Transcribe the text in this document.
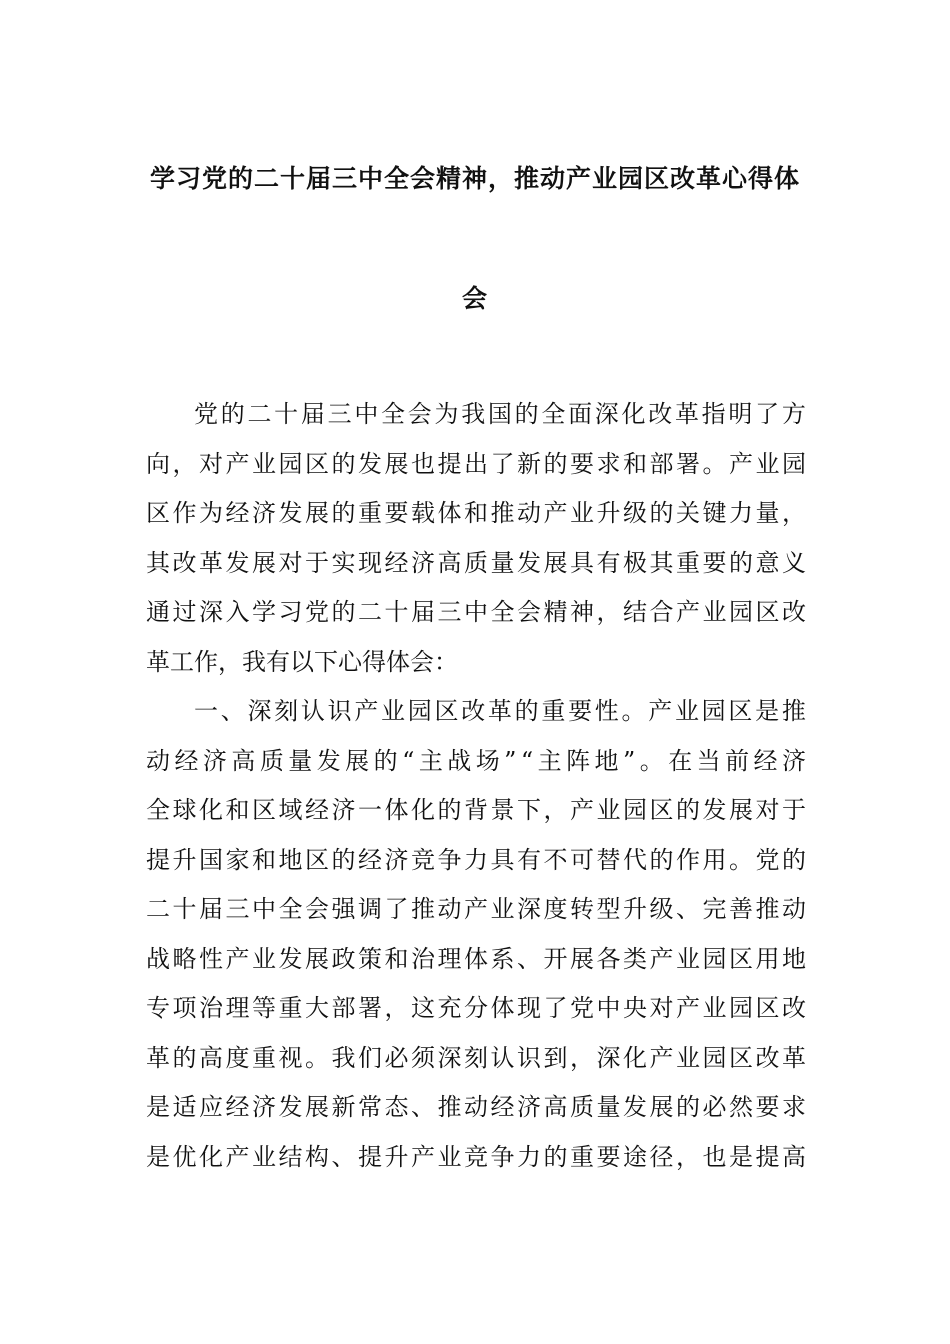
学习党的二十届三中全会精神，推动产业园区改革心得体
会
党 的 二 十 届 三 中 全 会 为 我 国 的 全 面 深 化 改 革 指 明 了 方
向 ， 对 产 业 园 区 的 发 展 也 提 出 了 新 的 要 求 和 部 署 。 产 业 园
区 作 为 经 济 发 展 的 重 要 载 体 和 推 动 产 业 升 级 的 关 键 力 量 ，
其 改 革 发 展 对 于 实 现 经 济 高 质 量 发 展 具 有 极 其 重 要 的 意 义
通 过 深 入 学 习 党 的 二 十 届 三 中 全 会 精 神 ， 结 合 产 业 园 区 改
革 工 作 ， 我 有 以 下 心 得 体 会 ：
一 、 深 刻 认 识 产 业 园 区 改 革 的 重 要 性 。 产 业 园 区 是 推
动 经 济 高 质 量 发 展 的 “ 主 战 场 ” “ 主 阵 地 ” 。 在 当 前 经 济
全 球 化 和 区 域 经 济 一 体 化 的 背 景 下 ， 产 业 园 区 的 发 展 对 于
提 升 国 家 和 地 区 的 经 济 竞 争 力 具 有 不 可 替 代 的 作 用 。 党 的
二 十 届 三 中 全 会 强 调 了 推 动 产 业 深 度 转 型 升 级 、 完 善 推 动
战 略 性 产 业 发 展 政 策 和 治 理 体 系 、 开 展 各 类 产 业 园 区 用 地
专 项 治 理 等 重 大 部 署 ， 这 充 分 体 现 了 党 中 央 对 产 业 园 区 改
革 的 高 度 重 视 。 我 们 必 须 深 刻 认 识 到 ， 深 化 产 业 园 区 改 革
是 适 应 经 济 发 展 新 常 态 、 推 动 经 济 高 质 量 发 展 的 必 然 要 求
是 优 化 产 业 结 构 、 提 升 产 业 竞 争 力 的 重 要 途 径 ， 也 是 提 高
